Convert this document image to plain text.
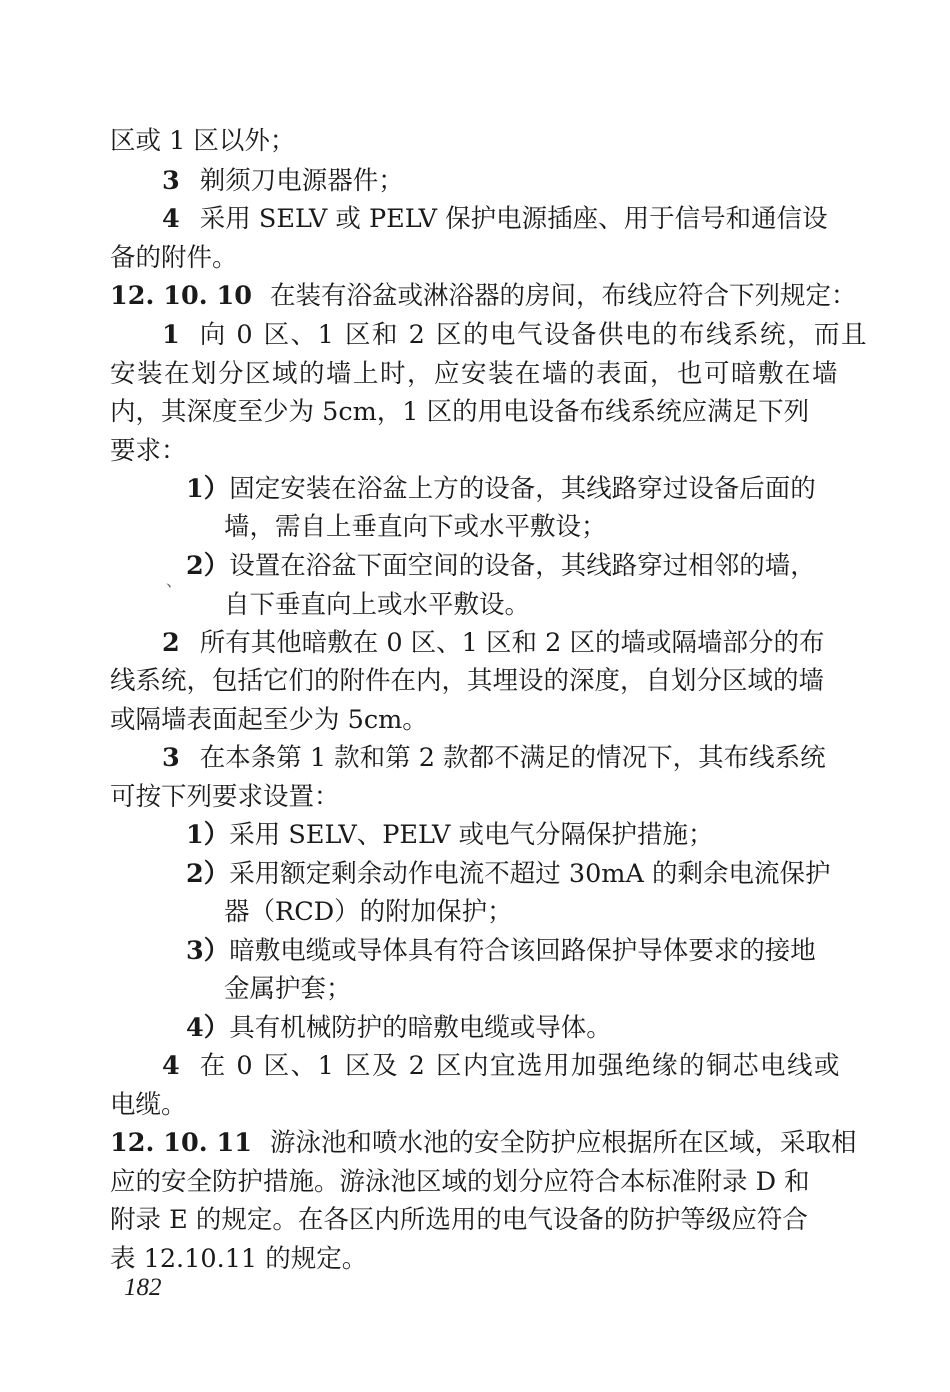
区或 1 区以外；
3 剃须刀电源器件；
4 采用 SELV 或 PELV 保护电源插座、用于信号和通信设
备的附件。
12. 10. 10 在装有浴盆或淋浴器的房间，布线应符合下列规定：
1 向 0 区、1 区和 2 区的电气设备供电的布线系统，而且
安装在划分区域的墙上时，应安装在墙的表面，也可暗敷在墙
内，其深度至少为 5cm，1 区的用电设备布线系统应满足下列
要求：
1）固定安装在浴盆上方的设备，其线路穿过设备后面的
墙，需自上垂直向下或水平敷设；
、 2）设置在浴盆下面空间的设备，其线路穿过相邻的墙，
自下垂直向上或水平敷设。
2 所有其他暗敷在 0 区、1 区和 2 区的墙或隔墙部分的布
线系统，包括它们的附件在内，其埋设的深度，自划分区域的墙
或隔墙表面起至少为 5cm。
3 在本条第 1 款和第 2 款都不满足的情况下，其布线系统
可按下列要求设置：
1）采用 SELV、PELV 或电气分隔保护措施；
2）采用额定剩余动作电流不超过 30mA 的剩余电流保护
器（RCD）的附加保护；
3）暗敷电缆或导体具有符合该回路保护导体要求的接地
金属护套；
4）具有机械防护的暗敷电缆或导体。
4 在 0 区、1 区及 2 区内宜选用加强绝缘的铜芯电线或
电缆。
12. 10. 11 游泳池和喷水池的安全防护应根据所在区域，采取相
应的安全防护措施。游泳池区域的划分应符合本标准附录 D 和
附录 E 的规定。在各区内所选用的电气设备的防护等级应符合
表 12.10.11 的规定。
182
